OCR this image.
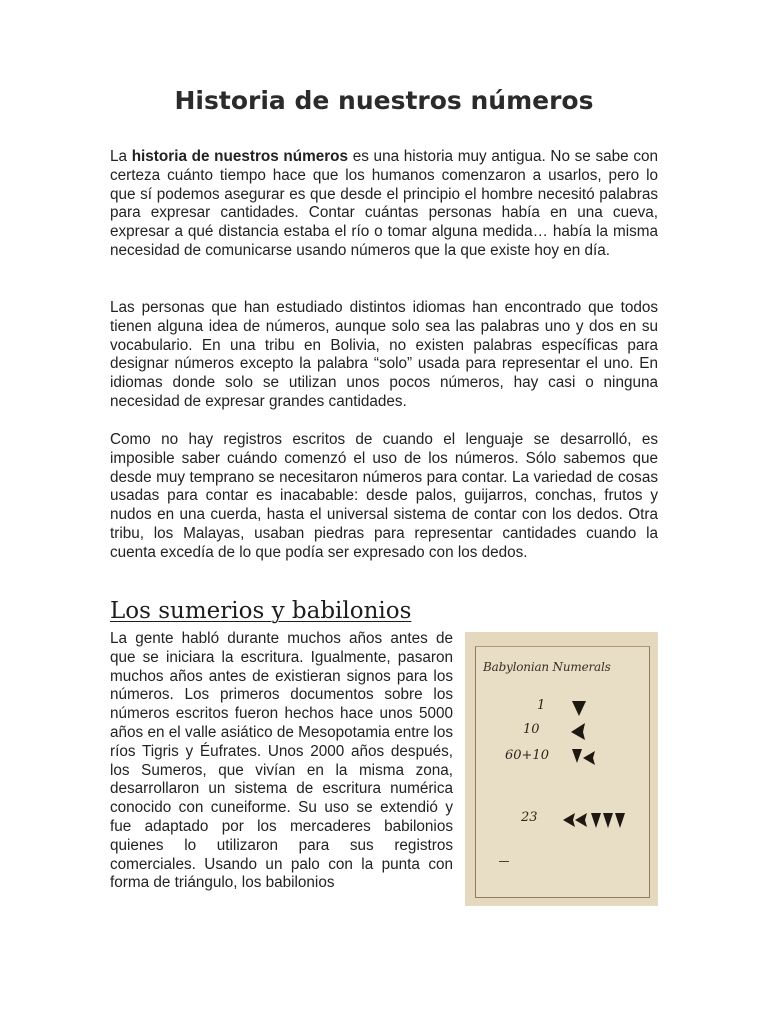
Historia de nuestros números

La historia de nuestros números es una historia muy antigua. No se sabe con certeza cuánto tiempo hace que los humanos comenzaron a usarlos, pero lo que sí podemos asegurar es que desde el principio el hombre necesitó palabras para expresar cantidades. Contar cuántas personas había en una cueva, expresar a qué distancia estaba el río o tomar alguna medida… había la misma necesidad de comunicarse usando números que la que existe hoy en día.

Las personas que han estudiado distintos idiomas han encontrado que todos tienen alguna idea de números, aunque solo sea las palabras uno y dos en su vocabulario. En una tribu en Bolivia, no existen palabras específicas para designar números excepto la palabra “solo” usada para representar el uno. En idiomas donde solo se utilizan unos pocos números, hay casi o ninguna necesidad de expresar grandes cantidades.

Como no hay registros escritos de cuando el lenguaje se desarrolló, es imposible saber cuándo comenzó el uso de los números. Sólo sabemos que desde muy temprano se necesitaron números para contar. La variedad de cosas usadas para contar es inacabable: desde palos, guijarros, conchas, frutos y nudos en una cuerda, hasta el universal sistema de contar con los dedos. Otra tribu, los Malayas, usaban piedras para representar cantidades cuando la cuenta excedía de lo que podía ser expresado con los dedos.

Los sumerios y babilonios

La gente habló durante muchos años antes de que se iniciara la escritura. Igualmente, pasaron muchos años antes de existieran signos para los números. Los primeros documentos sobre los números escritos fueron hechos hace unos 5000 años en el valle asiático de Mesopotamia entre los ríos Tigris y Éufrates. Unos 2000 años después, los Sumeros, que vivían en la misma zona, desarrollaron un sistema de escritura numérica conocido con cuneiforme. Su uso se extendió y fue adaptado por los mercaderes babilonios quienes lo utilizaron para sus registros comerciales. Usando un palo con la punta con forma de triángulo, los babilonios

Babylonian Numerals
1
10
60+10
23
